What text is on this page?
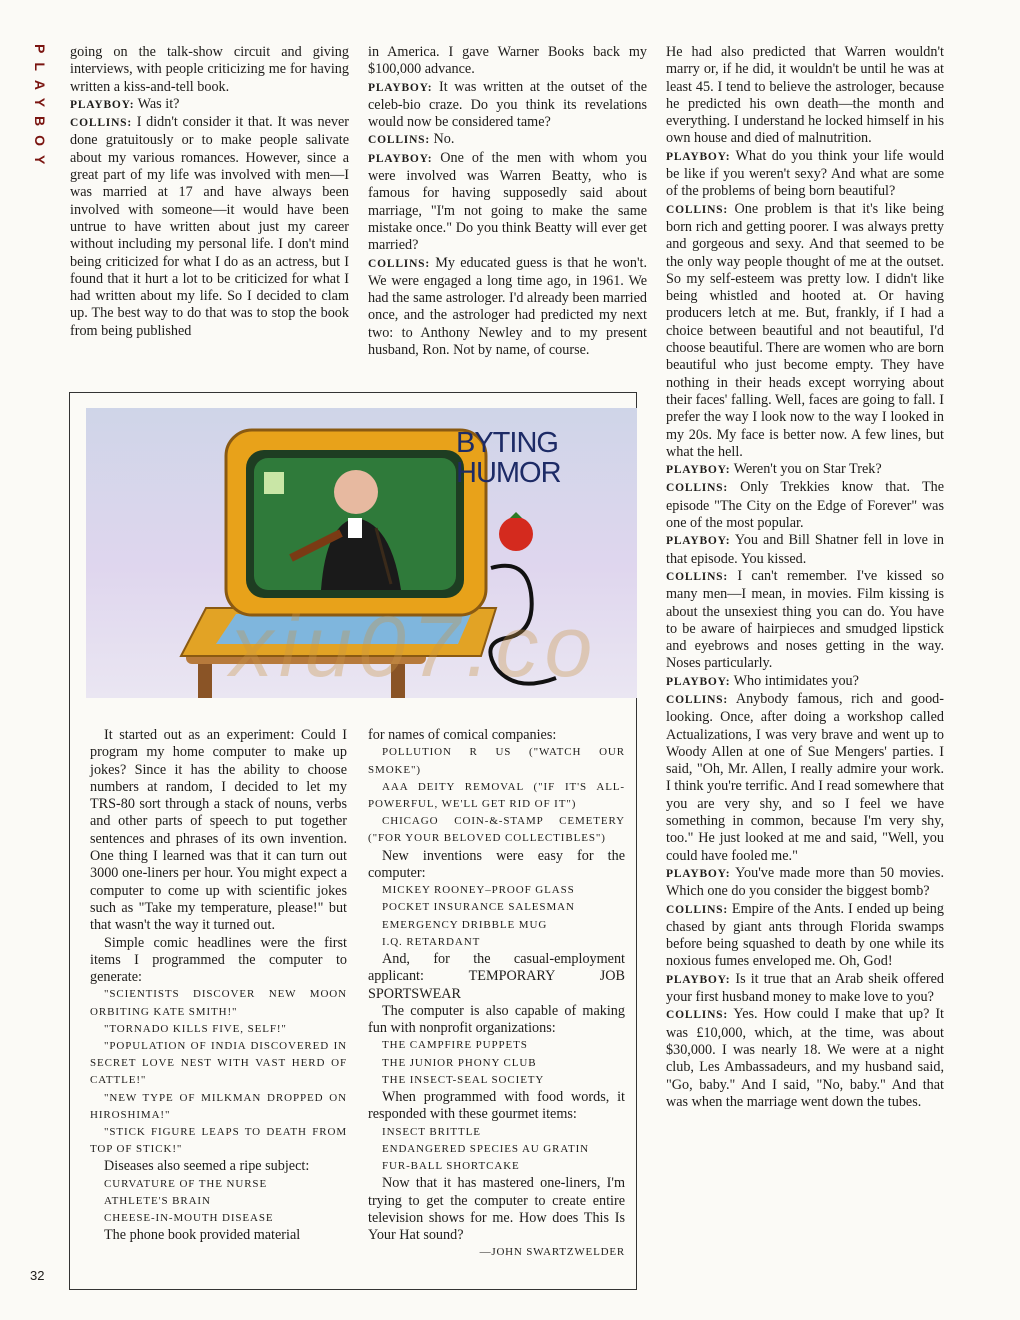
PLAYBOY
32

going on the talk-show circuit and giving interviews, with people criticizing me for having written a kiss-and-tell book.

PLAYBOY: Was it?

COLLINS: I didn't consider it that. It was never done gratuitously or to make people salivate about my various romances. However, since a great part of my life was involved with men—I was married at 17 and have always been involved with someone—it would have been untrue to have written about just my career without including my personal life. I don't mind being criticized for what I do as an actress, but I found that it hurt a lot to be criticized for what I had written about my life. So I decided to clam up. The best way to do that was to stop the book from being published

in America. I gave Warner Books back my $100,000 advance.

PLAYBOY: It was written at the outset of the celeb-bio craze. Do you think its revelations would now be considered tame?

COLLINS: No.

PLAYBOY: One of the men with whom you were involved was Warren Beatty, who is famous for having supposedly said about marriage, "I'm not going to make the same mistake once." Do you think Beatty will ever get married?

COLLINS: My educated guess is that he won't. We were engaged a long time ago, in 1961. We had the same astrologer. I'd already been married once, and the astrologer had predicted my next two: to Anthony Newley and to my present husband, Ron. Not by name, of course.

He had also predicted that Warren wouldn't marry or, if he did, it wouldn't be until he was at least 45. I tend to believe the astrologer, because he predicted his own death—the month and everything. I understand he locked himself in his own house and died of malnutrition.

PLAYBOY: What do you think your life would be like if you weren't sexy? And what are some of the problems of being born beautiful?

COLLINS: One problem is that it's like being born rich and getting poorer. I was always pretty and gorgeous and sexy. And that seemed to be the only way people thought of me at the outset. So my self-esteem was pretty low. I didn't like being whistled and hooted at. Or having producers letch at me. But, frankly, if I had a choice between beautiful and not beautiful, I'd choose beautiful. There are women who are born beautiful who just become empty. They have nothing in their heads except worrying about their faces' falling. Well, faces are going to fall. I prefer the way I look now to the way I looked in my 20s. My face is better now. A few lines, but what the hell.

PLAYBOY: Weren't you on Star Trek?

COLLINS: Only Trekkies know that. The episode "The City on the Edge of Forever" was one of the most popular.

PLAYBOY: You and Bill Shatner fell in love in that episode. You kissed.

COLLINS: I can't remember. I've kissed so many men—I mean, in movies. Film kissing is about the unsexiest thing you can do. You have to be aware of hairpieces and smudged lipstick and eyebrows and noses getting in the way. Noses particularly.

PLAYBOY: Who intimidates you?

COLLINS: Anybody famous, rich and good-looking. Once, after doing a workshop called Actualizations, I was very brave and went up to Woody Allen at one of Sue Mengers' parties. I said, "Oh, Mr. Allen, I really admire your work. I think you're terrific. And I read somewhere that you are very shy, and so I feel we have something in common, because I'm very shy, too." He just looked at me and said, "Well, you could have fooled me."

PLAYBOY: You've made more than 50 movies. Which one do you consider the biggest bomb?

COLLINS: Empire of the Ants. I ended up being chased by giant ants through Florida swamps before being squashed to death by one while its noxious fumes enveloped me. Oh, God!

PLAYBOY: Is it true that an Arab sheik offered your first husband money to make love to you?

COLLINS: Yes. How could I make that up? It was £10,000, which, at the time, was about $30,000. I was nearly 18. We were at a night club, Les Ambassadeurs, and my husband said, "Go, baby." And I said, "No, baby." And that was when the marriage went down the tubes.

BYTING
HUMOR

It started out as an experiment: Could I program my home computer to make up jokes? Since it has the ability to choose numbers at random, I decided to let my TRS-80 sort through a stack of nouns, verbs and other parts of speech to put together sentences and phrases of its own invention. One thing I learned was that it can turn out 3000 one-liners per hour. You might expect a computer to come up with scientific jokes such as "Take my temperature, please!" but that wasn't the way it turned out.

Simple comic headlines were the first items I programmed the computer to generate:

"SCIENTISTS DISCOVER NEW MOON ORBITING KATE SMITH!"

"TORNADO KILLS FIVE, SELF!"

"POPULATION OF INDIA DISCOVERED IN SECRET LOVE NEST WITH VAST HERD OF CATTLE!"

"NEW TYPE OF MILKMAN DROPPED ON HIROSHIMA!"

"STICK FIGURE LEAPS TO DEATH FROM TOP OF STICK!"

Diseases also seemed a ripe subject:

CURVATURE OF THE NURSE

ATHLETE'S BRAIN

CHEESE-IN-MOUTH DISEASE

The phone book provided material

for names of comical companies:

POLLUTION R US ("WATCH OUR SMOKE")

AAA DEITY REMOVAL ("IF IT'S ALL-POWERFUL, WE'LL GET RID OF IT")

CHICAGO COIN-&-STAMP CEMETERY ("FOR YOUR BELOVED COLLECTIBLES")

New inventions were easy for the computer:

MICKEY ROONEY–PROOF GLASS

POCKET INSURANCE SALESMAN

EMERGENCY DRIBBLE MUG

I.Q. RETARDANT

And, for the casual-employment applicant: TEMPORARY JOB SPORTSWEAR

The computer is also capable of making fun with nonprofit organizations:

THE CAMPFIRE PUPPETS

THE JUNIOR PHONY CLUB

THE INSECT-SEAL SOCIETY

When programmed with food words, it responded with these gourmet items:

INSECT BRITTLE

ENDANGERED SPECIES AU GRATIN

FUR-BALL SHORTCAKE

Now that it has mastered one-liners, I'm trying to get the computer to create entire television shows for me. How does This Is Your Hat sound?

—JOHN SWARTZWELDER

xiu07.co
